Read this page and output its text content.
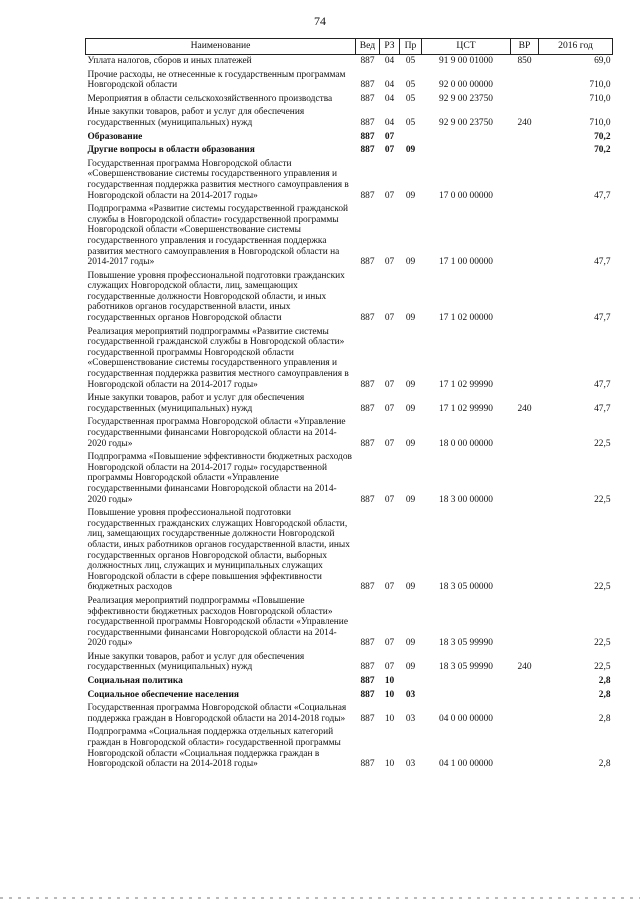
74
Наименование	Вед	РЗ	Пр	ЦСТ	ВР	2016 год
Уплата налогов, сборов и иных платежей	887	04	05	91 9 00 01000	850	69,0
Прочие расходы, не отнесенные к государственным программам Новгородской области	887	04	05	92 0 00 00000		710,0
Мероприятия в области сельскохозяйственного производства	887	04	05	92 9 00 23750		710,0
Иные закупки товаров, работ и услуг для обеспечения государственных (муниципальных) нужд	887	04	05	92 9 00 23750	240	710,0
Образование	887	07				70,2
Другие вопросы в области образования	887	07	09			70,2
Государственная программа Новгородской области «Совершенствование системы государственного управления и государственная поддержка развития местного самоуправления в Новгородской области на 2014-2017 годы»	887	07	09	17 0 00 00000		47,7
Подпрограмма «Развитие системы государственной гражданской службы в Новгородской области» государственной программы Новгородской области «Совершенствование системы государственного управления и государственная поддержка развития местного самоуправления в Новгородской области на 2014-2017 годы»	887	07	09	17 1 00 00000		47,7
Повышение уровня профессиональной подготовки гражданских служащих Новгородской области, лиц, замещающих государственные должности Новгородской области, и иных работников органов государственной власти, иных государственных органов Новгородской области	887	07	09	17 1 02 00000		47,7
Реализация мероприятий подпрограммы «Развитие системы государственной гражданской службы в Новгородской области» государственной программы Новгородской области «Совершенствование системы государственного управления и государственная поддержка развития местного самоуправления в Новгородской области на 2014-2017 годы»	887	07	09	17 1 02 99990		47,7
Иные закупки товаров, работ и услуг для обеспечения государственных (муниципальных) нужд	887	07	09	17 1 02 99990	240	47,7
Государственная программа Новгородской области «Управление государственными финансами Новгородской области на 2014-2020 годы»	887	07	09	18 0 00 00000		22,5
Подпрограмма «Повышение эффективности бюджетных расходов Новгородской области на 2014-2017 годы» государственной программы Новгородской области «Управление государственными финансами Новгородской области на 2014-2020 годы»	887	07	09	18 3 00 00000		22,5
Повышение уровня профессиональной подготовки государственных гражданских служащих Новгородской области, лиц, замещающих государственные должности Новгородской области, иных работников органов государственной власти, иных государственных органов Новгородской области, выборных должностных лиц, служащих и муниципальных служащих Новгородской области в сфере повышения эффективности бюджетных расходов	887	07	09	18 3 05 00000		22,5
Реализация мероприятий подпрограммы «Повышение эффективности бюджетных расходов Новгородской области» государственной программы Новгородской области «Управление государственными финансами Новгородской области на 2014-2020 годы»	887	07	09	18 3 05 99990		22,5
Иные закупки товаров, работ и услуг для обеспечения государственных (муниципальных) нужд	887	07	09	18 3 05 99990	240	22,5
Социальная политика	887	10				2,8
Социальное обеспечение населения	887	10	03			2,8
Государственная программа Новгородской области «Социальная поддержка граждан в Новгородской области на 2014-2018 годы»	887	10	03	04 0 00 00000		2,8
Подпрограмма «Социальная поддержка отдельных категорий граждан в Новгородской области» государственной программы Новгородской области «Социальная поддержка граждан в Новгородской области на 2014-2018 годы»	887	10	03	04 1 00 00000		2,8
